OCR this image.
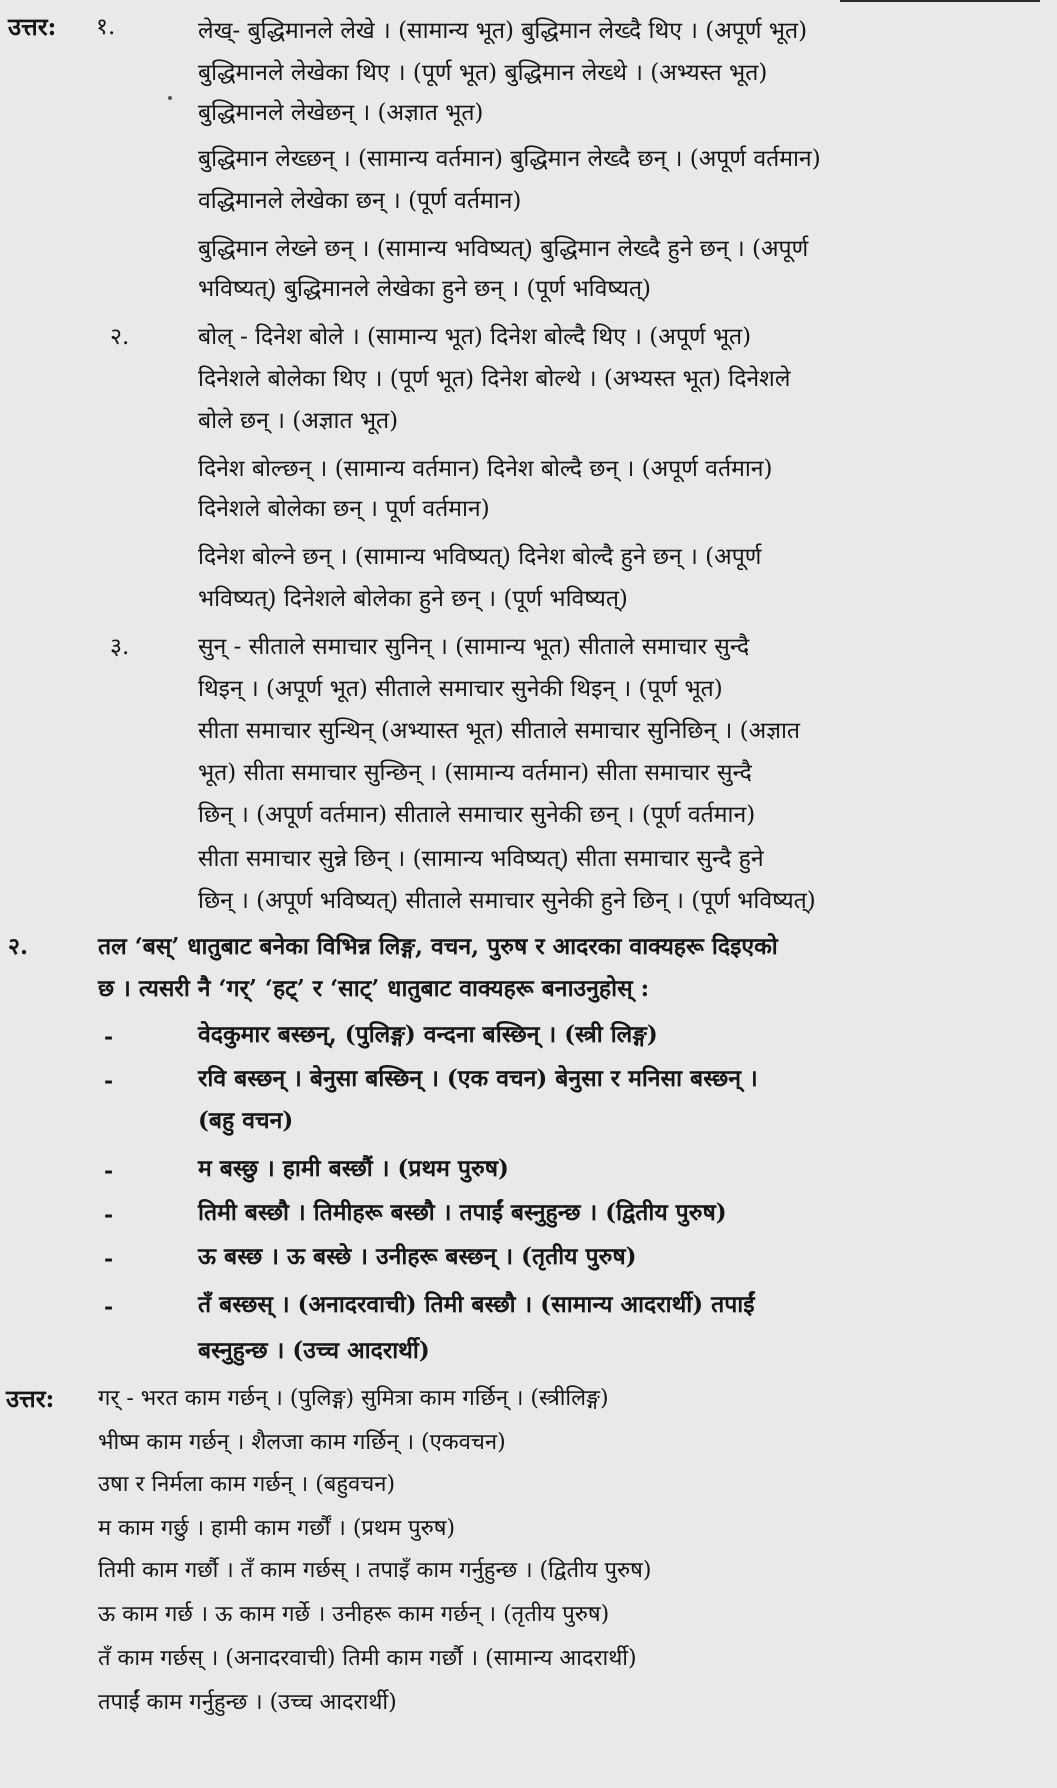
उत्तर: १.	लेख्- बुद्धिमानले लेखे । (सामान्य भूत) बुद्धिमान लेख्दै थिए । (अपूर्ण भूत)
बुद्धिमानले लेखेका थिए । (पूर्ण भूत) बुद्धिमान लेख्थे । (अभ्यस्त भूत)
बुद्धिमानले लेखेछन् । (अज्ञात भूत)
बुद्धिमान लेख्छन् । (सामान्य वर्तमान) बुद्धिमान लेख्दै छन् । (अपूर्ण वर्तमान)
वद्धिमानले लेखेका छन् । (पूर्ण वर्तमान)
बुद्धिमान लेख्ने छन् । (सामान्य भविष्यत्) बुद्धिमान लेख्दै हुने छन् । (अपूर्ण
भविष्यत्) बुद्धिमानले लेखेका हुने छन् । (पूर्ण भविष्यत्)
२.	बोल् - दिनेश बोले । (सामान्य भूत) दिनेश बोल्दै थिए । (अपूर्ण भूत)
दिनेशले बोलेका थिए । (पूर्ण भूत) दिनेश बोल्थे । (अभ्यस्त भूत) दिनेशले
बोले छन् । (अज्ञात भूत)
दिनेश बोल्छन् । (सामान्य वर्तमान) दिनेश बोल्दै छन् । (अपूर्ण वर्तमान)
दिनेशले बोलेका छन् । पूर्ण वर्तमान)
दिनेश बोल्ने छन् । (सामान्य भविष्यत्) दिनेश बोल्दै हुने छन् । (अपूर्ण
भविष्यत्) दिनेशले बोलेका हुने छन् । (पूर्ण भविष्यत्)
३.	सुन् - सीताले समाचार सुनिन् । (सामान्य भूत) सीताले समाचार सुन्दै
थिइन् । (अपूर्ण भूत) सीताले समाचार सुनेकी थिइन् । (पूर्ण भूत)
सीता समाचार सुन्थिन् (अभ्यास्त भूत) सीताले समाचार सुनिछिन् । (अज्ञात
भूत) सीता समाचार सुन्छिन् । (सामान्य वर्तमान) सीता समाचार सुन्दै
छिन् । (अपूर्ण वर्तमान) सीताले समाचार सुनेकी छन् । (पूर्ण वर्तमान)
सीता समाचार सुन्ने छिन् । (सामान्य भविष्यत्) सीता समाचार सुन्दै हुने
छिन् । (अपूर्ण भविष्यत्) सीताले समाचार सुनेकी हुने छिन् । (पूर्ण भविष्यत्)
२.	तल ‘बस्’ धातुबाट बनेका विभिन्न लिङ्ग, वचन, पुरुष र आदरका वाक्यहरू दिइएको
छ । त्यसरी नै ‘गर्’ ‘हट्’ र ‘साट्’ धातुबाट वाक्यहरू बनाउनुहोस् :
-	वेदकुमार बस्छन्, (पुलिङ्ग) वन्दना बस्छिन् । (स्त्री लिङ्ग)
-	रवि बस्छन् । बेनुसा बस्छिन् । (एक वचन) बेनुसा र मनिसा बस्छन् ।
(बहु वचन)
-	म बस्छु । हामी बस्छौं । (प्रथम पुरुष)
-	तिमी बस्छौ । तिमीहरू बस्छौ । तपाईं बस्नुहुन्छ । (द्वितीय पुरुष)
-	ऊ बस्छ । ऊ बस्छे । उनीहरू बस्छन् । (तृतीय पुरुष)
-	तँ बस्छस् । (अनादरवाची) तिमी बस्छौ । (सामान्य आदरार्थी) तपाईं
बस्नुहुन्छ । (उच्च आदरार्थी)
उत्तर: गर् - भरत काम गर्छन् । (पुलिङ्ग) सुमित्रा काम गर्छिन् । (स्त्रीलिङ्ग)
भीष्म काम गर्छन् । शैलजा काम गर्छिन् । (एकवचन)
उषा र निर्मला काम गर्छन् । (बहुवचन)
म काम गर्छु । हामी काम गर्छौं । (प्रथम पुरुष)
तिमी काम गर्छौ । तँ काम गर्छस् । तपाइँ काम गर्नुहुन्छ । (द्वितीय पुरुष)
ऊ काम गर्छ । ऊ काम गर्छे । उनीहरू काम गर्छन् । (तृतीय पुरुष)
तँ काम गर्छस् । (अनादरवाची) तिमी काम गर्छौ । (सामान्य आदरार्थी)
तपाईं काम गर्नुहुन्छ । (उच्च आदरार्थी)
